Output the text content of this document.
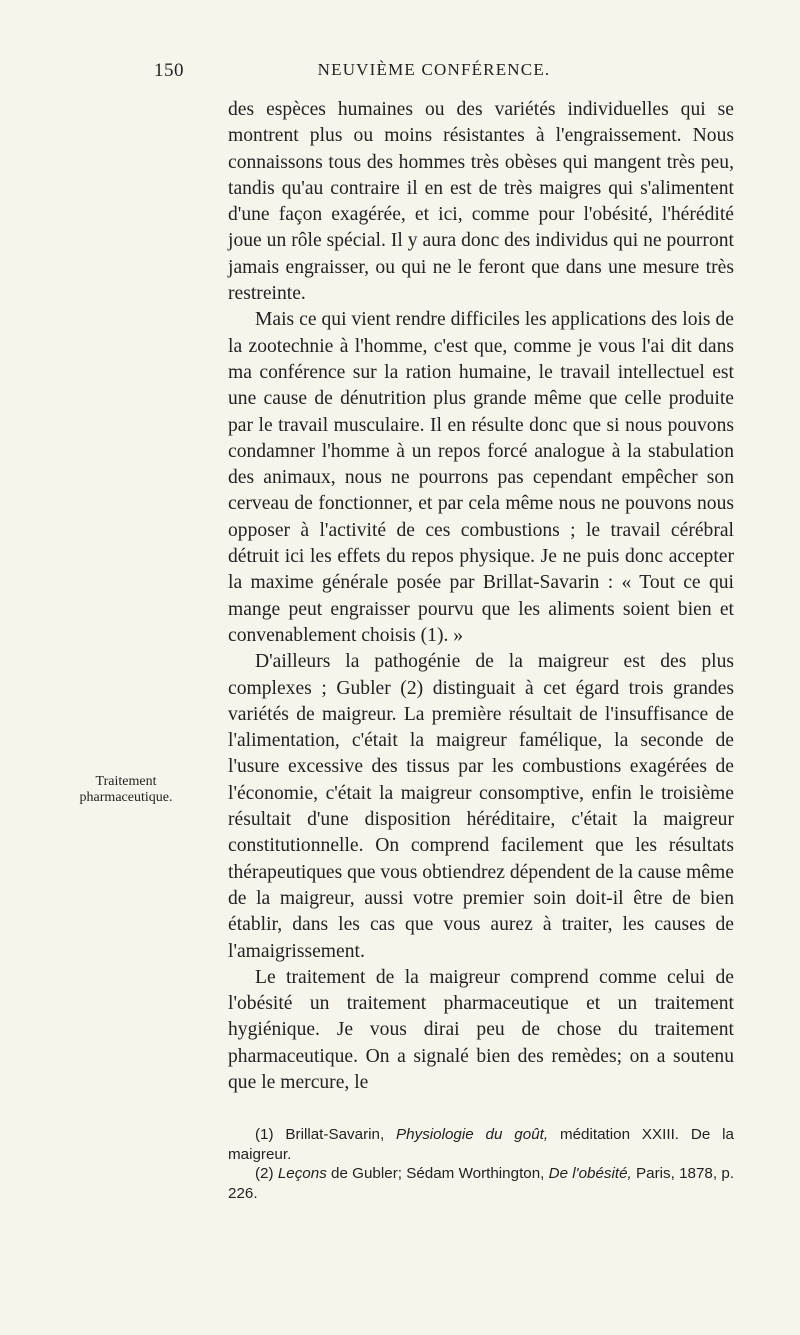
150	NEUVIÈME CONFÉRENCE.

des espèces humaines ou des variétés individuelles qui se montrent plus ou moins résistantes à l'engraissement. Nous connaissons tous des hommes très obèses qui mangent très peu, tandis qu'au contraire il en est de très maigres qui s'alimentent d'une façon exagérée, et ici, comme pour l'obésité, l'hérédité joue un rôle spécial. Il y aura donc des individus qui ne pourront jamais engraisser, ou qui ne le feront que dans une mesure très restreinte.

Mais ce qui vient rendre difficiles les applications des lois de la zootechnie à l'homme, c'est que, comme je vous l'ai dit dans ma conférence sur la ration humaine, le travail intellectuel est une cause de dénutrition plus grande même que celle produite par le travail musculaire. Il en résulte donc que si nous pouvons condamner l'homme à un repos forcé analogue à la stabulation des animaux, nous ne pourrons pas cependant empêcher son cerveau de fonctionner, et par cela même nous ne pouvons nous opposer à l'activité de ces combustions ; le travail cérébral détruit ici les effets du repos physique. Je ne puis donc accepter la maxime générale posée par Brillat-Savarin : « Tout ce qui mange peut engraisser pourvu que les aliments soient bien et convenablement choisis (1). »

D'ailleurs la pathogénie de la maigreur est des plus complexes ; Gubler (2) distinguait à cet égard trois grandes variétés de maigreur. La première résultait de l'insuffisance de l'alimentation, c'était la maigreur famélique, la seconde de l'usure excessive des tissus par les combustions exagérées de l'économie, c'était la maigreur consomptive, enfin le troisième résultait d'une disposition héréditaire, c'était la maigreur constitutionnelle. On comprend facilement que les résultats thérapeutiques que vous obtiendrez dépendent de la cause même de la maigreur, aussi votre premier soin doit-il être de bien établir, dans les cas que vous aurez à traiter, les causes de l'amaigrissement.

Le traitement de la maigreur comprend comme celui de l'obésité un traitement pharmaceutique et un traitement hygiénique. Je vous dirai peu de chose du traitement pharmaceutique. On a signalé bien des remèdes; on a soutenu que le mercure, le

Traitement pharmaceutique.

(1) Brillat-Savarin, Physiologie du goût, méditation XXIII. De la maigreur.

(2) Leçons de Gubler; Sédam Worthington, De l'obésité, Paris, 1878, p. 226.
